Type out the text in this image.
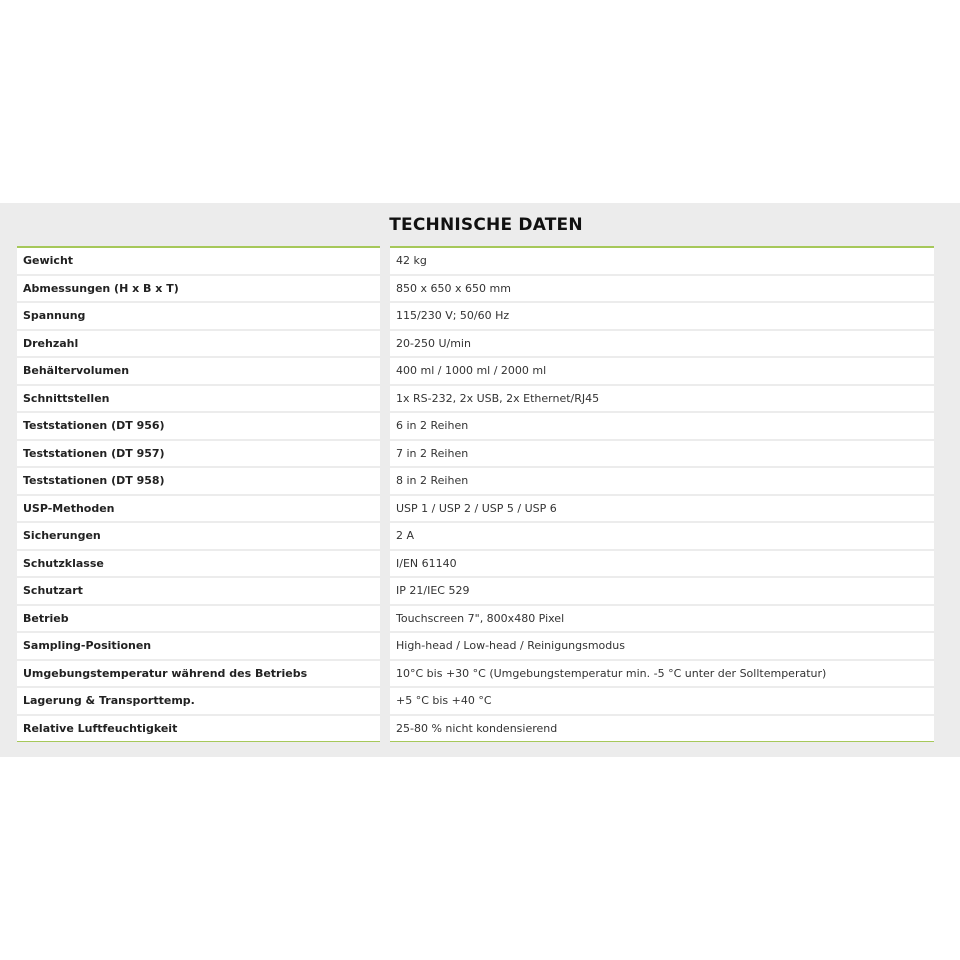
TECHNISCHE DATEN
Gewicht
Abmessungen (H x B x T)
Spannung
Drehzahl
Behältervolumen
Schnittstellen
Teststationen (DT 956)
Teststationen (DT 957)
Teststationen (DT 958)
USP-Methoden
Sicherungen
Schutzklasse
Schutzart
Betrieb
Sampling-Positionen
Umgebungstemperatur während des Betriebs
Lagerung & Transporttemp.
Relative Luftfeuchtigkeit
42 kg
850 x 650 x 650 mm
115/230 V; 50/60 Hz
20-250 U/min
400 ml / 1000 ml / 2000 ml
1x RS-232, 2x USB, 2x Ethernet/RJ45
6 in 2 Reihen
7 in 2 Reihen
8 in 2 Reihen
USP 1 / USP 2 / USP 5 / USP 6
2 A
I/EN 61140
IP 21/IEC 529
Touchscreen 7", 800x480 Pixel
High-head / Low-head / Reinigungsmodus
10°C bis +30 °C (Umgebungstemperatur min. -5 °C unter der Solltemperatur)
+5 °C bis +40 °C
25-80 % nicht kondensierend
